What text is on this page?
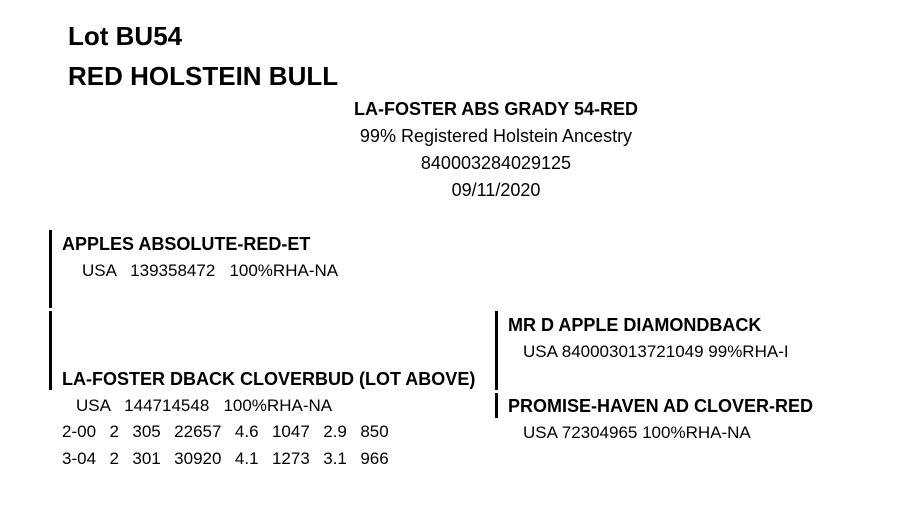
Lot BU54
RED HOLSTEIN BULL
LA-FOSTER ABS GRADY 54-RED
99% Registered Holstein Ancestry
840003284029125
09/11/2020
APPLES ABSOLUTE-RED-ET
USA   139358472   100%RHA-NA
LA-FOSTER DBACK CLOVERBUD (LOT ABOVE)
USA   144714548   100%RHA-NA
2-00  2  305  22657  4.6  1047  2.9  850
3-04  2  301  30920  4.1  1273  3.1  966
MR D APPLE DIAMONDBACK
USA 840003013721049 99%RHA-I
PROMISE-HAVEN AD CLOVER-RED
USA 72304965 100%RHA-NA
